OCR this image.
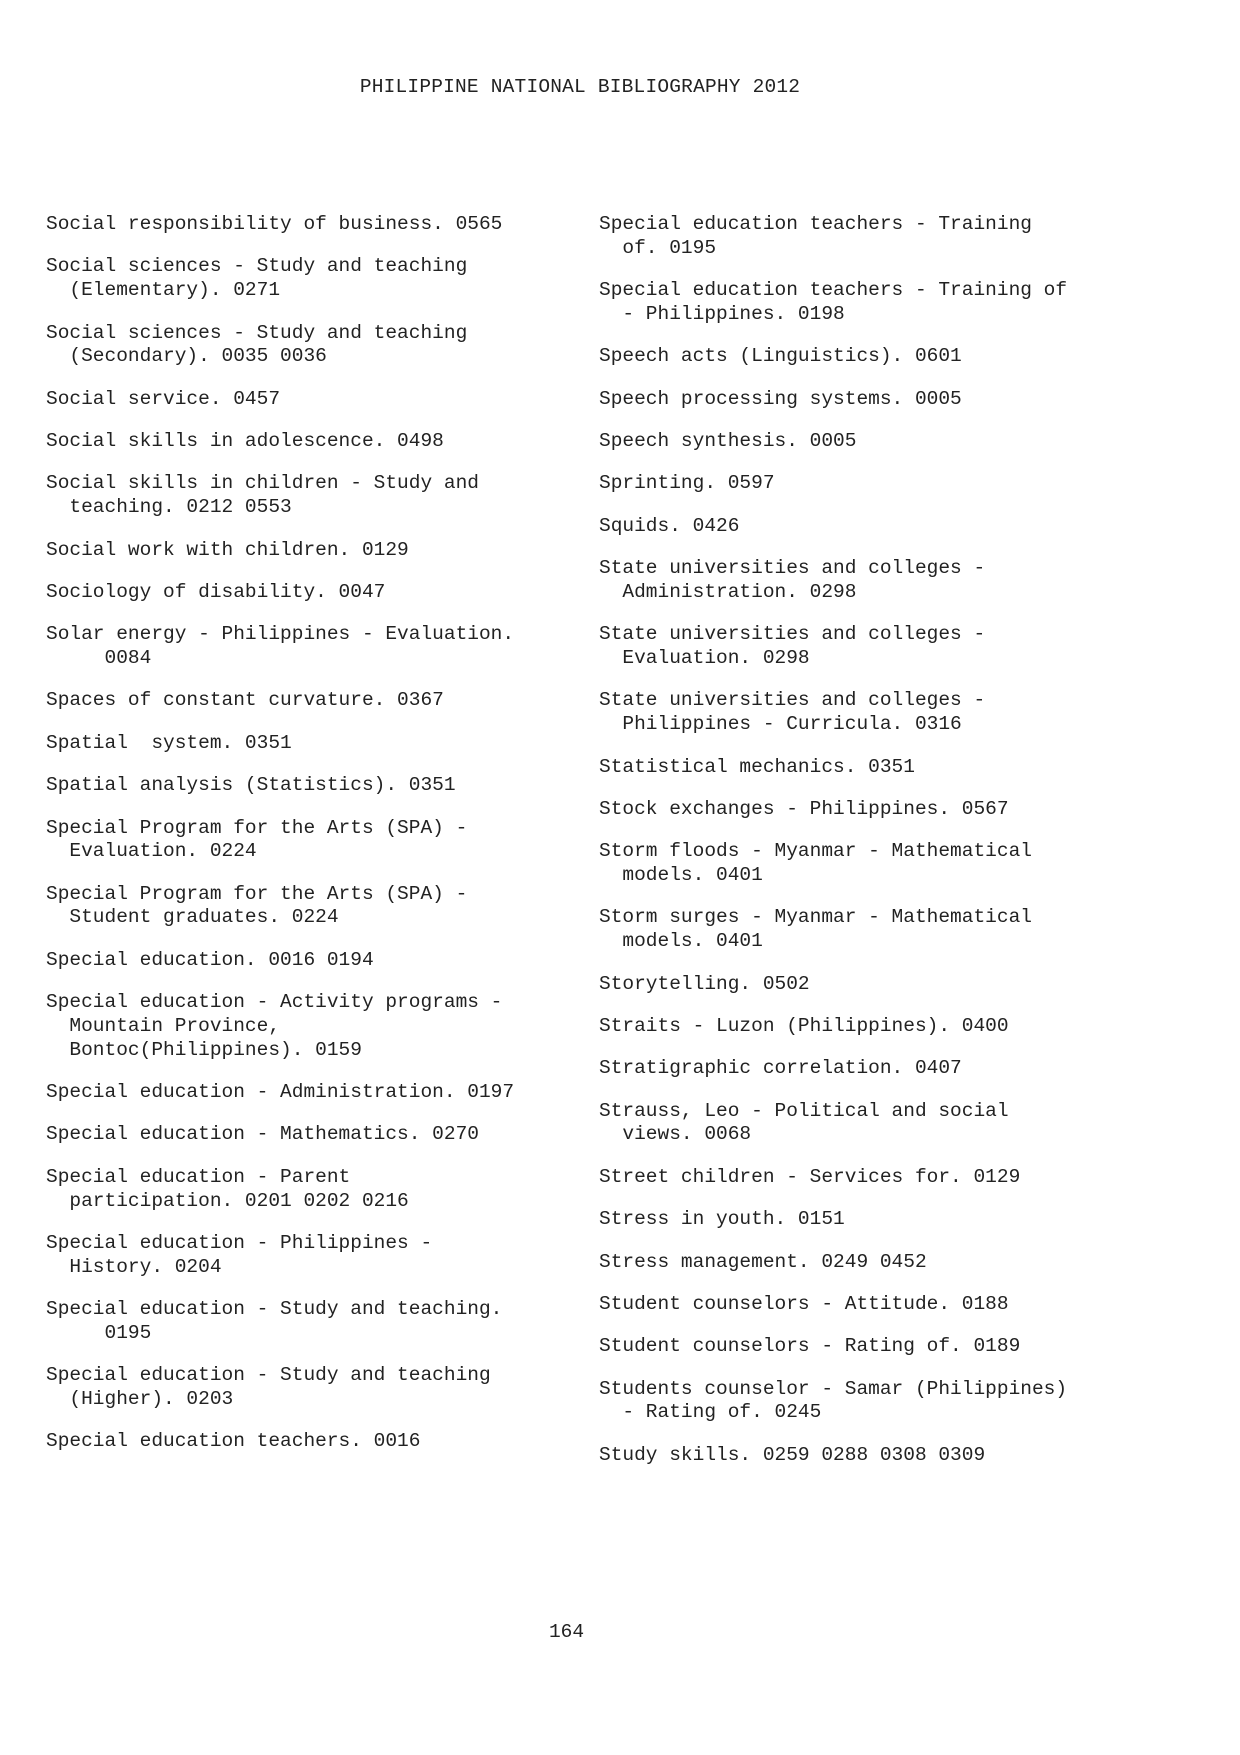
PHILIPPINE NATIONAL BIBLIOGRAPHY 2012
Social responsibility of business. 0565
Social sciences - Study and teaching
(Elementary). 0271
Social sciences - Study and teaching
(Secondary). 0035 0036
Social service. 0457
Social skills in adolescence. 0498
Social skills in children - Study and
teaching. 0212 0553
Social work with children. 0129
Sociology of disability. 0047
Solar energy - Philippines - Evaluation.
0084
Spaces of constant curvature. 0367
Spatial  system. 0351
Spatial analysis (Statistics). 0351
Special Program for the Arts (SPA) -
Evaluation. 0224
Special Program for the Arts (SPA) -
Student graduates. 0224
Special education. 0016 0194
Special education - Activity programs -
Mountain Province,
Bontoc(Philippines). 0159
Special education - Administration. 0197
Special education - Mathematics. 0270
Special education - Parent
participation. 0201 0202 0216
Special education - Philippines -
History. 0204
Special education - Study and teaching.
0195
Special education - Study and teaching
(Higher). 0203
Special education teachers. 0016
Special education teachers - Training
of. 0195
Special education teachers - Training of
- Philippines. 0198
Speech acts (Linguistics). 0601
Speech processing systems. 0005
Speech synthesis. 0005
Sprinting. 0597
Squids. 0426
State universities and colleges -
Administration. 0298
State universities and colleges -
Evaluation. 0298
State universities and colleges -
Philippines - Curricula. 0316
Statistical mechanics. 0351
Stock exchanges - Philippines. 0567
Storm floods - Myanmar - Mathematical
models. 0401
Storm surges - Myanmar - Mathematical
models. 0401
Storytelling. 0502
Straits - Luzon (Philippines). 0400
Stratigraphic correlation. 0407
Strauss, Leo - Political and social
views. 0068
Street children - Services for. 0129
Stress in youth. 0151
Stress management. 0249 0452
Student counselors - Attitude. 0188
Student counselors - Rating of. 0189
Students counselor - Samar (Philippines)
- Rating of. 0245
Study skills. 0259 0288 0308 0309
164
